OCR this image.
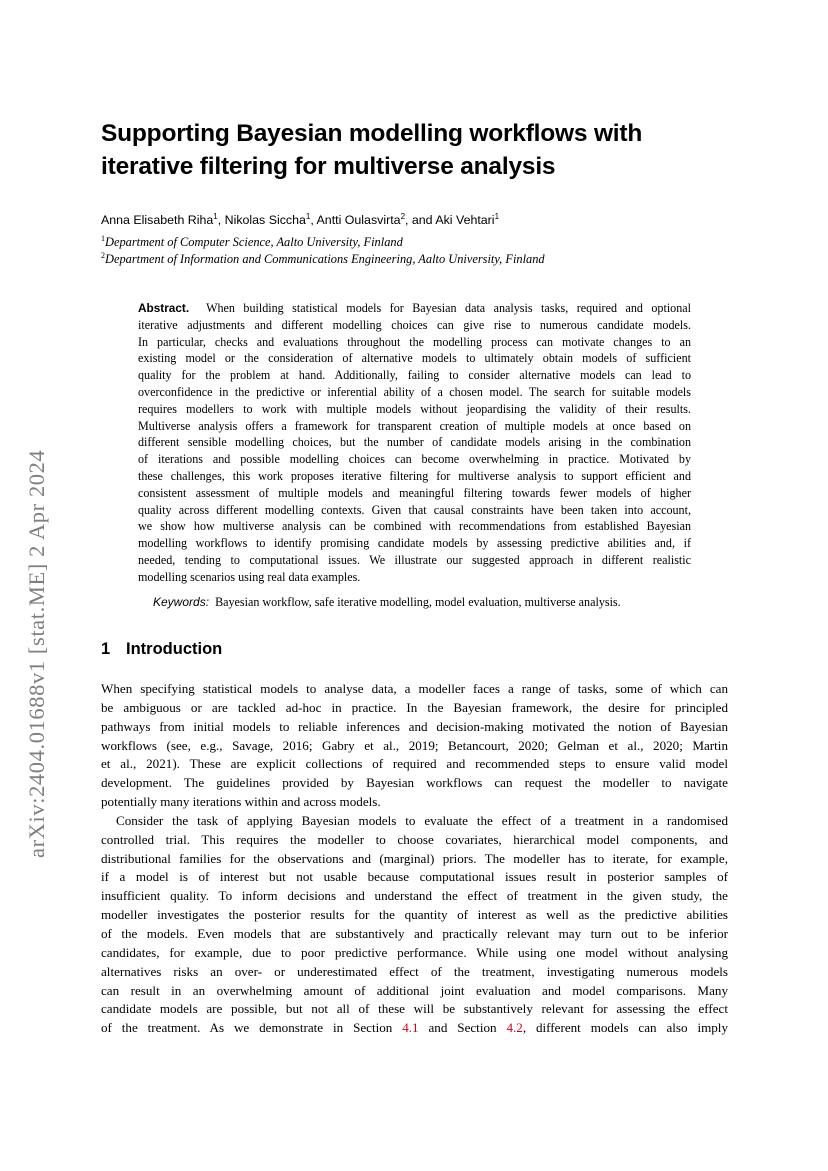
arXiv:2404.01688v1 [stat.ME] 2 Apr 2024
Supporting Bayesian modelling workflows with
iterative filtering for multiverse analysis
Anna Elisabeth Riha$^1$, Nikolas Siccha$^1$, Antti Oulasvirta$^2$, and Aki Vehtari$^1$
$^1$Department of Computer Science, Aalto University, Finland
$^2$Department of Information and Communications Engineering, Aalto University, Finland
Abstract. When building statistical models for Bayesian data analysis tasks, required and optional
iterative adjustments and different modelling choices can give rise to numerous candidate models.
In particular, checks and evaluations throughout the modelling process can motivate changes to an
existing model or the consideration of alternative models to ultimately obtain models of sufficient
quality for the problem at hand. Additionally, failing to consider alternative models can lead to
overconfidence in the predictive or inferential ability of a chosen model. The search for suitable models
requires modellers to work with multiple models without jeopardising the validity of their results.
Multiverse analysis offers a framework for transparent creation of multiple models at once based on
different sensible modelling choices, but the number of candidate models arising in the combination
of iterations and possible modelling choices can become overwhelming in practice. Motivated by
these challenges, this work proposes iterative filtering for multiverse analysis to support efficient and
consistent assessment of multiple models and meaningful filtering towards fewer models of higher
quality across different modelling contexts. Given that causal constraints have been taken into account,
we show how multiverse analysis can be combined with recommendations from established Bayesian
modelling workflows to identify promising candidate models by assessing predictive abilities and, if
needed, tending to computational issues. We illustrate our suggested approach in different realistic
modelling scenarios using real data examples.
Keywords: Bayesian workflow, safe iterative modelling, model evaluation, multiverse analysis.
1 Introduction
When specifying statistical models to analyse data, a modeller faces a range of tasks, some of which can
be ambiguous or are tackled ad-hoc in practice. In the Bayesian framework, the desire for principled
pathways from initial models to reliable inferences and decision-making motivated the notion of Bayesian
workflows (see, e.g., Savage, 2016; Gabry et al., 2019; Betancourt, 2020; Gelman et al., 2020; Martin
et al., 2021). These are explicit collections of required and recommended steps to ensure valid model
development. The guidelines provided by Bayesian workflows can request the modeller to navigate
potentially many iterations within and across models.
Consider the task of applying Bayesian models to evaluate the effect of a treatment in a randomised
controlled trial. This requires the modeller to choose covariates, hierarchical model components, and
distributional families for the observations and (marginal) priors. The modeller has to iterate, for example,
if a model is of interest but not usable because computational issues result in posterior samples of
insufficient quality. To inform decisions and understand the effect of treatment in the given study, the
modeller investigates the posterior results for the quantity of interest as well as the predictive abilities
of the models. Even models that are substantively and practically relevant may turn out to be inferior
candidates, for example, due to poor predictive performance. While using one model without analysing
alternatives risks an over- or underestimated effect of the treatment, investigating numerous models
can result in an overwhelming amount of additional joint evaluation and model comparisons. Many
candidate models are possible, but not all of these will be substantively relevant for assessing the effect
of the treatment. As we demonstrate in Section 4.1 and Section 4.2, different models can also imply
